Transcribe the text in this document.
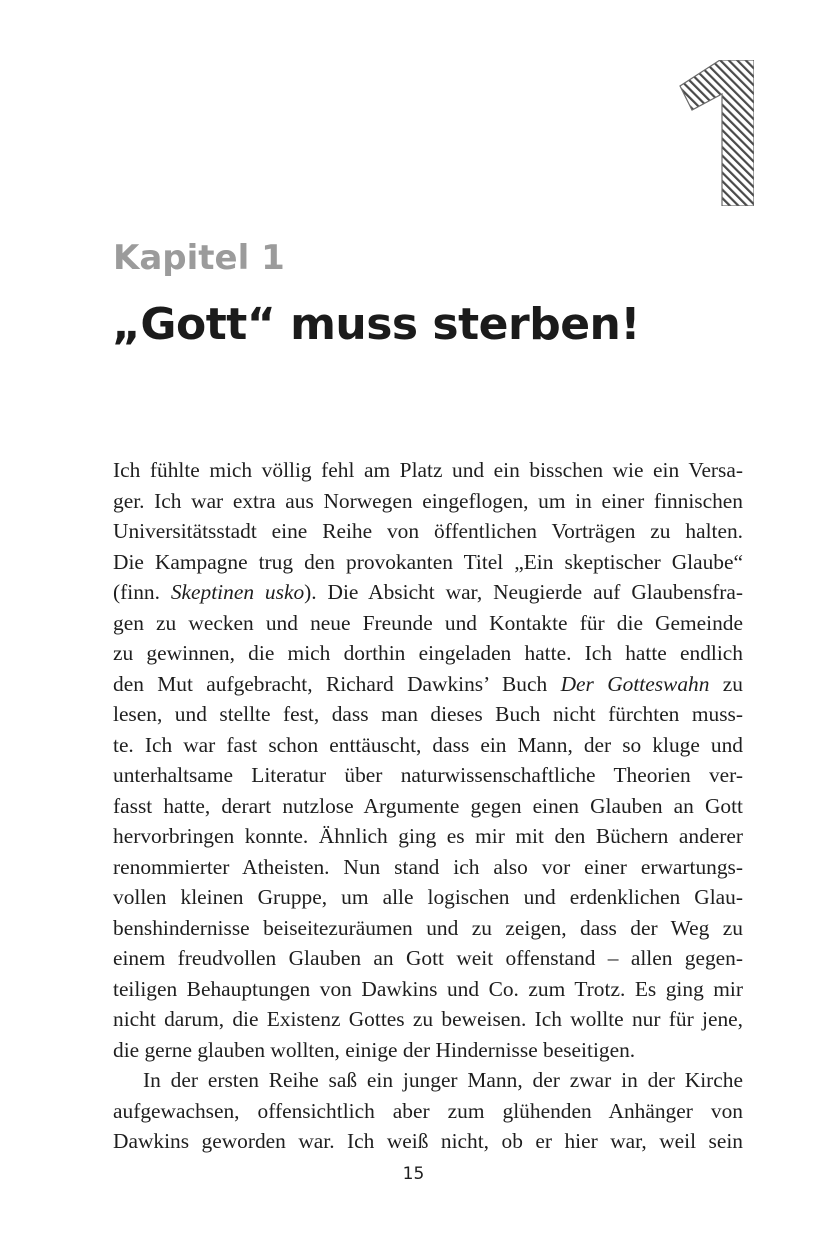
Kapitel 1
„Gott“ muss sterben!
Ich fühlte mich völlig fehl am Platz und ein bisschen wie ein Versa-
ger. Ich war extra aus Norwegen eingeflogen, um in einer finnischen
Universitätsstadt eine Reihe von öffentlichen Vorträgen zu halten.
Die Kampagne trug den provokanten Titel „Ein skeptischer Glaube“
(finn. Skeptinen usko). Die Absicht war, Neugierde auf Glaubensfra-
gen zu wecken und neue Freunde und Kontakte für die Gemeinde
zu gewinnen, die mich dorthin eingeladen hatte. Ich hatte endlich
den Mut aufgebracht, Richard Dawkins’ Buch Der Gotteswahn zu
lesen, und stellte fest, dass man dieses Buch nicht fürchten muss-
te. Ich war fast schon enttäuscht, dass ein Mann, der so kluge und
unterhaltsame Literatur über naturwissenschaftliche Theorien ver-
fasst hatte, derart nutzlose Argumente gegen einen Glauben an Gott
hervorbringen konnte. Ähnlich ging es mir mit den Büchern anderer
renommierter Atheisten. Nun stand ich also vor einer erwartungs-
vollen kleinen Gruppe, um alle logischen und erdenklichen Glau-
benshindernisse beiseitezuräumen und zu zeigen, dass der Weg zu
einem freudvollen Glauben an Gott weit offenstand – allen gegen-
teiligen Behauptungen von Dawkins und Co. zum Trotz. Es ging mir
nicht darum, die Existenz Gottes zu beweisen. Ich wollte nur für jene,
die gerne glauben wollten, einige der Hindernisse beseitigen.
In der ersten Reihe saß ein junger Mann, der zwar in der Kirche
aufgewachsen, offensichtlich aber zum glühenden Anhänger von
Dawkins geworden war. Ich weiß nicht, ob er hier war, weil sein
15
